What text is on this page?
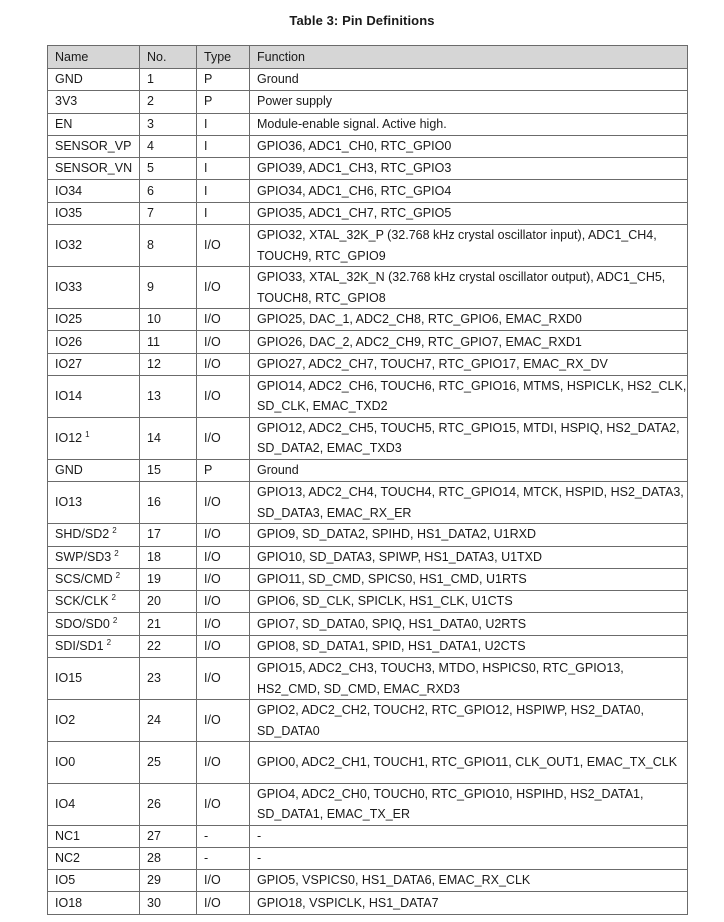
Table 3: Pin Definitions
Name	No.	Type	Function
GND	1	P	Ground
3V3	2	P	Power supply
EN	3	I	Module-enable signal. Active high.
SENSOR_VP	4	I	GPIO36, ADC1_CH0, RTC_GPIO0
SENSOR_VN	5	I	GPIO39, ADC1_CH3, RTC_GPIO3
IO34	6	I	GPIO34, ADC1_CH6, RTC_GPIO4
IO35	7	I	GPIO35, ADC1_CH7, RTC_GPIO5
IO32	8	I/O	GPIO32, XTAL_32K_P (32.768 kHz crystal oscillator input), ADC1_CH4, TOUCH9, RTC_GPIO9
IO33	9	I/O	GPIO33, XTAL_32K_N (32.768 kHz crystal oscillator output), ADC1_CH5, TOUCH8, RTC_GPIO8
IO25	10	I/O	GPIO25, DAC_1, ADC2_CH8, RTC_GPIO6, EMAC_RXD0
IO26	11	I/O	GPIO26, DAC_2, ADC2_CH9, RTC_GPIO7, EMAC_RXD1
IO27	12	I/O	GPIO27, ADC2_CH7, TOUCH7, RTC_GPIO17, EMAC_RX_DV
IO14	13	I/O	GPIO14, ADC2_CH6, TOUCH6, RTC_GPIO16, MTMS, HSPICLK, HS2_CLK, SD_CLK, EMAC_TXD2
IO12 $^1$	14	I/O	GPIO12, ADC2_CH5, TOUCH5, RTC_GPIO15, MTDI, HSPIQ, HS2_DATA2, SD_DATA2, EMAC_TXD3
GND	15	P	Ground
IO13	16	I/O	GPIO13, ADC2_CH4, TOUCH4, RTC_GPIO14, MTCK, HSPID, HS2_DATA3, SD_DATA3, EMAC_RX_ER
SHD/SD2 $^2$	17	I/O	GPIO9, SD_DATA2, SPIHD, HS1_DATA2, U1RXD
SWP/SD3 $^2$	18	I/O	GPIO10, SD_DATA3, SPIWP, HS1_DATA3, U1TXD
SCS/CMD $^2$	19	I/O	GPIO11, SD_CMD, SPICS0, HS1_CMD, U1RTS
SCK/CLK $^2$	20	I/O	GPIO6, SD_CLK, SPICLK, HS1_CLK, U1CTS
SDO/SD0 $^2$	21	I/O	GPIO7, SD_DATA0, SPIQ, HS1_DATA0, U2RTS
SDI/SD1 $^2$	22	I/O	GPIO8, SD_DATA1, SPID, HS1_DATA1, U2CTS
IO15	23	I/O	GPIO15, ADC2_CH3, TOUCH3, MTDO, HSPICS0, RTC_GPIO13, HS2_CMD, SD_CMD, EMAC_RXD3
IO2	24	I/O	GPIO2, ADC2_CH2, TOUCH2, RTC_GPIO12, HSPIWP, HS2_DATA0, SD_DATA0
IO0	25	I/O	GPIO0, ADC2_CH1, TOUCH1, RTC_GPIO11, CLK_OUT1, EMAC_TX_CLK
IO4	26	I/O	GPIO4, ADC2_CH0, TOUCH0, RTC_GPIO10, HSPIHD, HS2_DATA1, SD_DATA1, EMAC_TX_ER
NC1	27	-	-
NC2	28	-	-
IO5	29	I/O	GPIO5, VSPICS0, HS1_DATA6, EMAC_RX_CLK
IO18	30	I/O	GPIO18, VSPICLK, HS1_DATA7
